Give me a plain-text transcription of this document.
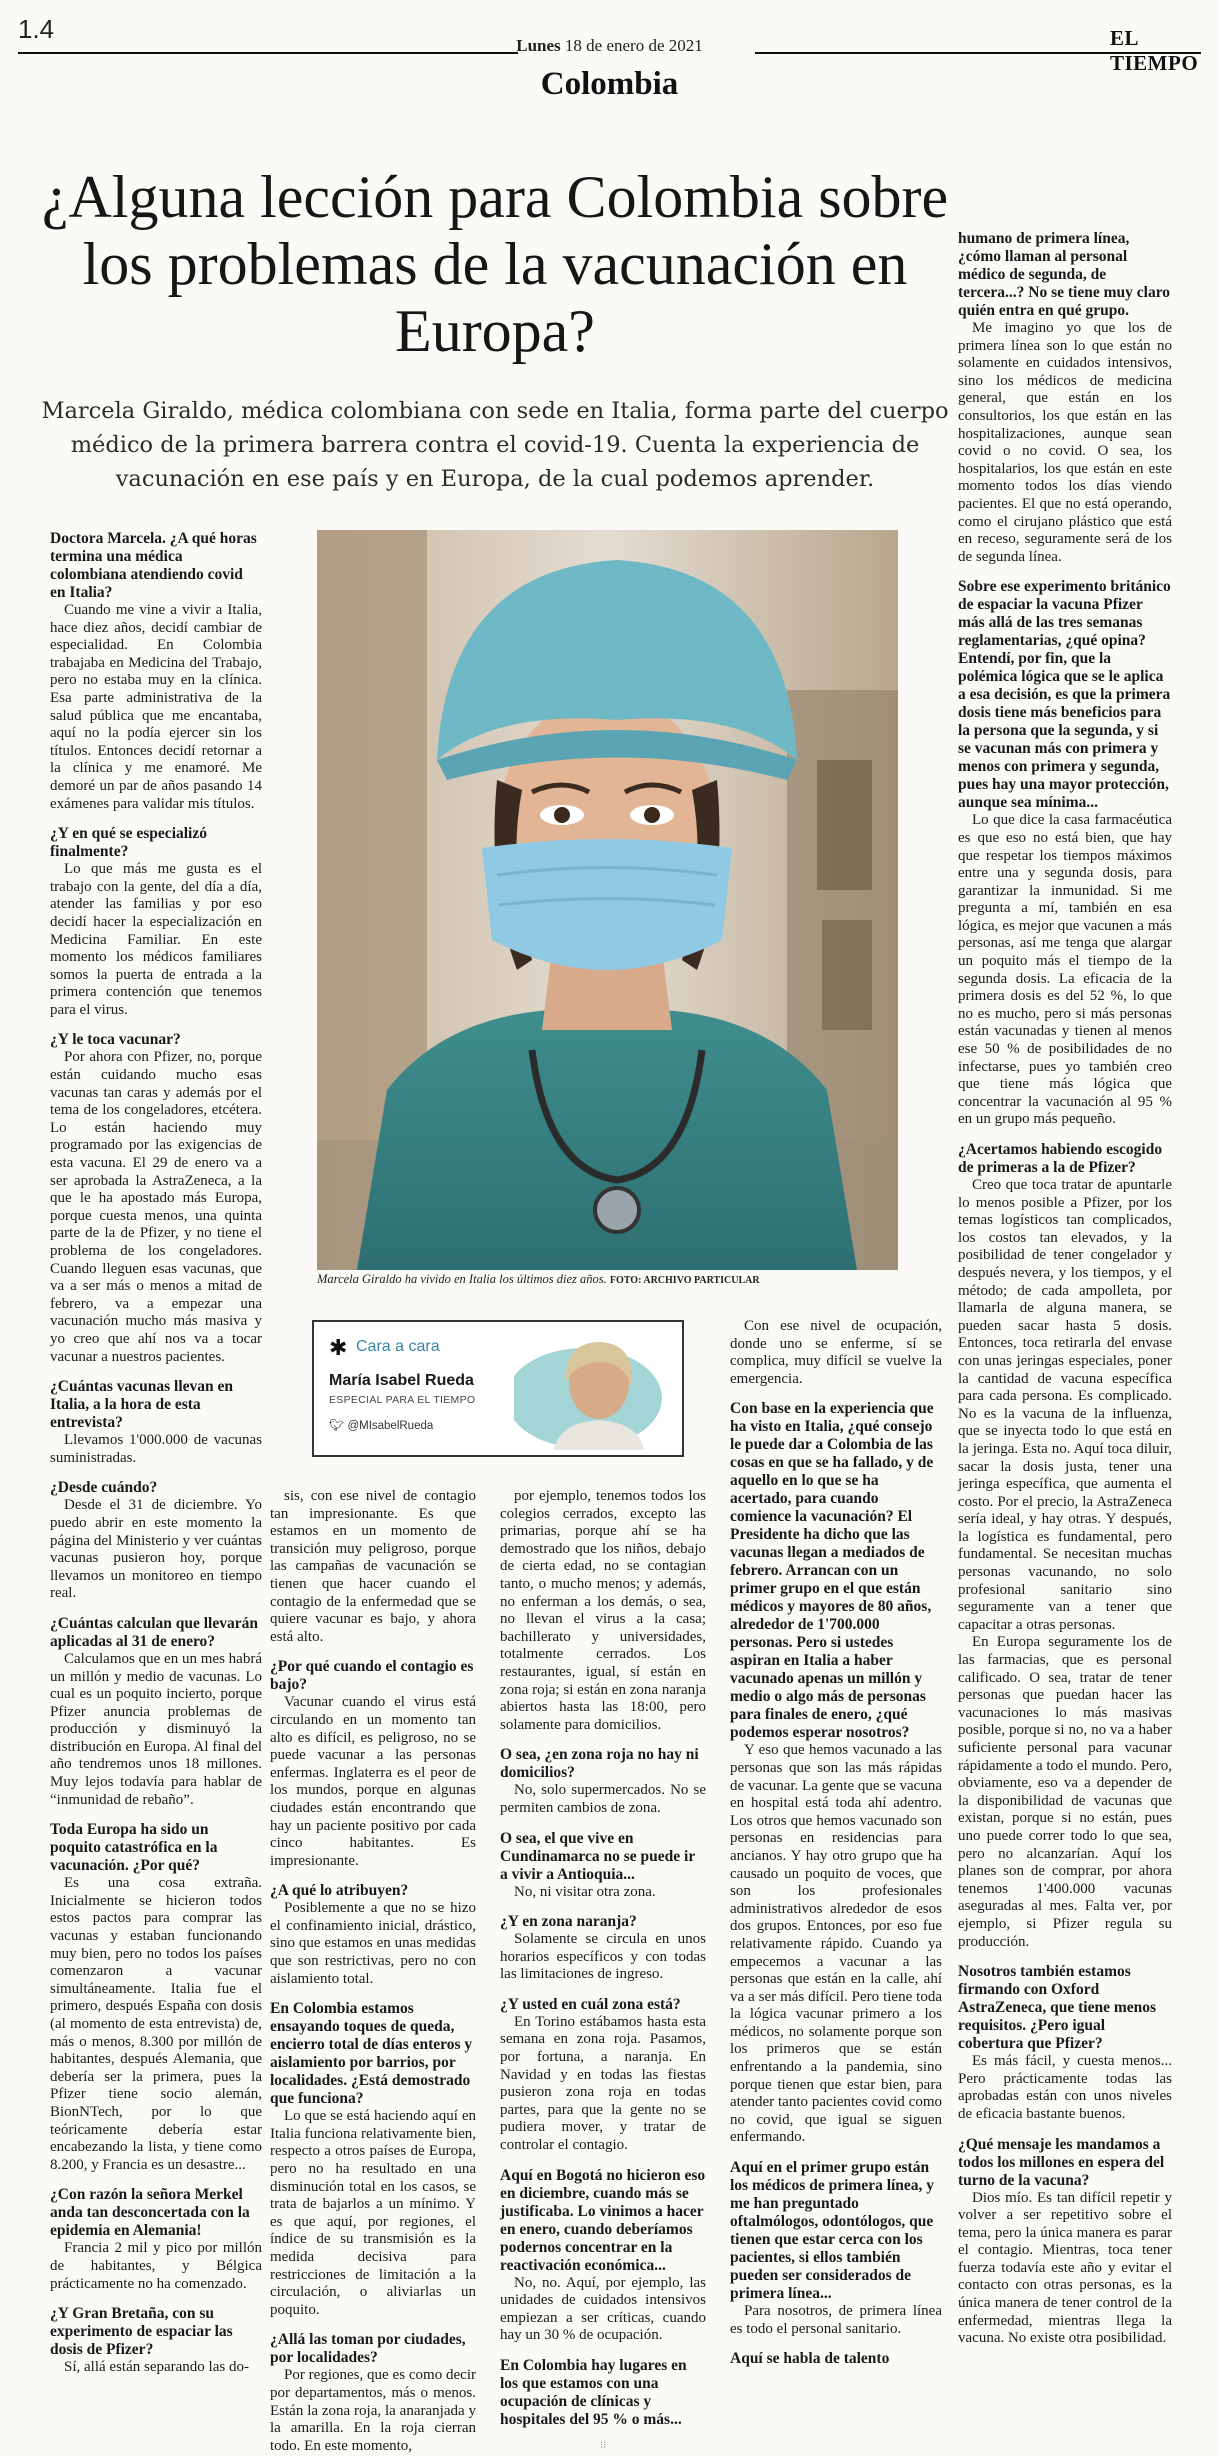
1.4
Lunes 18 de enero de 2021
Colombia
EL TIEMPO
¿Alguna lección para Colombia sobre los problemas de la vacunación en Europa?
Marcela Giraldo, médica colombiana con sede en Italia, forma parte del cuerpo médico de la primera barrera contra el covid-19. Cuenta la experiencia de vacunación en ese país y en Europa, de la cual podemos aprender.
Marcela Giraldo ha vivido en Italia los últimos diez años. FOTO: ARCHIVO PARTICULAR
✱ Cara a cara
María Isabel Rueda
ESPECIAL PARA EL TIEMPO
🐦︎ @MIsabelRueda

Doctora Marcela. ¿A qué horas termina una médica colombiana atendiendo covid en Italia?

Cuando me vine a vivir a Italia, hace diez años, decidí cambiar de especialidad. En Colombia trabajaba en Medicina del Trabajo, pero no estaba muy en la clínica. Esa parte administrativa de la salud pública que me encantaba, aquí no la podía ejercer sin los títulos. Entonces decidí retornar a la clínica y me enamoré. Me demoré un par de años pasando 14 exámenes para validar mis títulos.

¿Y en qué se especializó finalmente?

Lo que más me gusta es el trabajo con la gente, del día a día, atender las familias y por eso decidí hacer la especialización en Medicina Familiar. En este momento los médicos familiares somos la puerta de entrada a la primera contención que tenemos para el virus.

¿Y le toca vacunar?

Por ahora con Pfizer, no, porque están cuidando mucho esas vacunas tan caras y además por el tema de los congeladores, etcétera. Lo están haciendo muy programado por las exigencias de esta vacuna. El 29 de enero va a ser aprobada la AstraZeneca, a la que le ha apostado más Europa, porque cuesta menos, una quinta parte de la de Pfizer, y no tiene el problema de los congeladores. Cuando lleguen esas vacunas, que va a ser más o menos a mitad de febrero, va a empezar una vacunación mucho más masiva y yo creo que ahí nos va a tocar vacunar a nuestros pacientes.

¿Cuántas vacunas llevan en Italia, a la hora de esta entrevista?

Llevamos 1'000.000 de vacunas suministradas.

¿Desde cuándo?

Desde el 31 de diciembre. Yo puedo abrir en este momento la página del Ministerio y ver cuántas vacunas pusieron hoy, porque llevamos un monitoreo en tiempo real.

¿Cuántas calculan que llevarán aplicadas al 31 de enero?

Calculamos que en un mes habrá un millón y medio de vacunas. Lo cual es un poquito incierto, porque Pfizer anuncia problemas de producción y disminuyó la distribución en Europa. Al final del año tendremos unos 18 millones. Muy lejos todavía para hablar de “inmunidad de rebaño”.

Toda Europa ha sido un poquito catastrófica en la vacunación. ¿Por qué?

Es una cosa extraña. Inicialmente se hicieron todos estos pactos para comprar las vacunas y estaban funcionando muy bien, pero no todos los países comenzaron a vacunar simultáneamente. Italia fue el primero, después España con dosis (al momento de esta entrevista) de, más o menos, 8.300 por millón de habitantes, después Alemania, que debería ser la primera, pues la Pfizer tiene socio alemán, BionNTech, por lo que teóricamente debería estar encabezando la lista, y tiene como 8.200, y Francia es un desastre...

¿Con razón la señora Merkel anda tan desconcertada con la epidemia en Alemania!

Francia 2 mil y pico por millón de habitantes, y Bélgica prácticamente no ha comenzado.

¿Y Gran Bretaña, con su experimento de espaciar las dosis de Pfizer?

Sí, allá están separando las do-

sis, con ese nivel de contagio tan impresionante. Es que estamos en un momento de transición muy peligroso, porque las campañas de vacunación se tienen que hacer cuando el contagio de la enfermedad que se quiere vacunar es bajo, y ahora está alto.

¿Por qué cuando el contagio es bajo?

Vacunar cuando el virus está circulando en un momento tan alto es difícil, es peligroso, no se puede vacunar a las personas enfermas. Inglaterra es el peor de los mundos, porque en algunas ciudades están encontrando que hay un paciente positivo por cada cinco habitantes. Es impresionante.

¿A qué lo atribuyen?

Posiblemente a que no se hizo el confinamiento inicial, drástico, sino que estamos en unas medidas que son restrictivas, pero no con aislamiento total.

En Colombia estamos ensayando toques de queda, encierro total de días enteros y aislamiento por barrios, por localidades. ¿Está demostrado que funciona?

Lo que se está haciendo aquí en Italia funciona relativamente bien, respecto a otros países de Europa, pero no ha resultado en una disminución total en los casos, se trata de bajarlos a un mínimo. Y es que aquí, por regiones, el índice de su transmisión es la medida decisiva para restricciones de limitación a la circulación, o aliviarlas un poquito.

¿Allá las toman por ciudades, por localidades?

Por regiones, que es como decir por departamentos, más o menos. Están la zona roja, la anaranjada y la amarilla. En la roja cierran todo. En este momento,

por ejemplo, tenemos todos los colegios cerrados, excepto las primarias, porque ahí se ha demostrado que los niños, debajo de cierta edad, no se contagian tanto, o mucho menos; y además, no enferman a los demás, o sea, no llevan el virus a la casa; bachillerato y universidades, totalmente cerrados. Los restaurantes, igual, sí están en zona roja; si están en zona naranja abiertos hasta las 18:00, pero solamente para domicilios.

O sea, ¿en zona roja no hay ni domicilios?

No, solo supermercados. No se permiten cambios de zona.

O sea, el que vive en Cundinamarca no se puede ir a vivir a Antioquia...

No, ni visitar otra zona.

¿Y en zona naranja?

Solamente se circula en unos horarios específicos y con todas las limitaciones de ingreso.

¿Y usted en cuál zona está?

En Torino estábamos hasta esta semana en zona roja. Pasamos, por fortuna, a naranja. En Navidad y en todas las fiestas pusieron zona roja en todas partes, para que la gente no se pudiera mover, y tratar de controlar el contagio.

Aquí en Bogotá no hicieron eso en diciembre, cuando más se justificaba. Lo vinimos a hacer en enero, cuando deberíamos podernos concentrar en la reactivación económica...

No, no. Aquí, por ejemplo, las unidades de cuidados intensivos empiezan a ser críticas, cuando hay un 30 % de ocupación.

En Colombia hay lugares en los que estamos con una ocupación de clínicas y hospitales del 95 % o más...

Con ese nivel de ocupación, donde uno se enferme, sí se complica, muy difícil se vuelve la emergencia.

Con base en la experiencia que ha visto en Italia, ¿qué consejo le puede dar a Colombia de las cosas en que se ha fallado, y de aquello en lo que se ha acertado, para cuando comience la vacunación? El Presidente ha dicho que las vacunas llegan a mediados de febrero. Arrancan con un primer grupo en el que están médicos y mayores de 80 años, alrededor de 1'700.000 personas. Pero si ustedes aspiran en Italia a haber vacunado apenas un millón y medio o algo más de personas para finales de enero, ¿qué podemos esperar nosotros?

Y eso que hemos vacunado a las personas que son las más rápidas de vacunar. La gente que se vacuna en hospital está toda ahí adentro. Los otros que hemos vacunado son personas en residencias para ancianos. Y hay otro grupo que ha causado un poquito de voces, que son los profesionales administrativos alrededor de esos dos grupos. Entonces, por eso fue relativamente rápido. Cuando ya empecemos a vacunar a las personas que están en la calle, ahí va a ser más difícil. Pero tiene toda la lógica vacunar primero a los médicos, no solamente porque son los primeros que se están enfrentando a la pandemia, sino porque tienen que estar bien, para atender tanto pacientes covid como no covid, que igual se siguen enfermando.

Aquí en el primer grupo están los médicos de primera línea, y me han preguntado oftalmólogos, odontólogos, que tienen que estar cerca con los pacientes, si ellos también pueden ser considerados de primera línea...

Para nosotros, de primera línea es todo el personal sanitario.

Aquí se habla de talento

humano de primera línea, ¿cómo llaman al personal médico de segunda, de tercera...? No se tiene muy claro quién entra en qué grupo.

Me imagino yo que los de primera línea son lo que están no solamente en cuidados intensivos, sino los médicos de medicina general, que están en los consultorios, los que están en las hospitalizaciones, aunque sean covid o no covid. O sea, los hospitalarios, los que están en este momento todos los días viendo pacientes. El que no está operando, como el cirujano plástico que está en receso, seguramente será de los de segunda línea.

Sobre ese experimento británico de espaciar la vacuna Pfizer más allá de las tres semanas reglamentarias, ¿qué opina? Entendí, por fin, que la polémica lógica que se le aplica a esa decisión, es que la primera dosis tiene más beneficios para la persona que la segunda, y si se vacunan más con primera y menos con primera y segunda, pues hay una mayor protección, aunque sea mínima...

Lo que dice la casa farmacéutica es que eso no está bien, que hay que respetar los tiempos máximos entre una y segunda dosis, para garantizar la inmunidad. Si me pregunta a mí, también en esa lógica, es mejor que vacunen a más personas, así me tenga que alargar un poquito más el tiempo de la segunda dosis. La eficacia de la primera dosis es del 52 %, lo que no es mucho, pero si más personas están vacunadas y tienen al menos ese 50 % de posibilidades de no infectarse, pues yo también creo que tiene más lógica que concentrar la vacunación al 95 % en un grupo más pequeño.

¿Acertamos habiendo escogido de primeras a la de Pfizer?

Creo que toca tratar de apuntarle lo menos posible a Pfizer, por los temas logísticos tan complicados, los costos tan elevados, y la posibilidad de tener congelador y después nevera, y los tiempos, y el método; de cada ampolleta, por llamarla de alguna manera, se pueden sacar hasta 5 dosis. Entonces, toca retirarla del envase con unas jeringas especiales, poner la cantidad de vacuna específica para cada persona. Es complicado. No es la vacuna de la influenza, que se inyecta todo lo que está en la jeringa. Esta no. Aquí toca diluir, sacar la dosis justa, tener una jeringa específica, que aumenta el costo. Por el precio, la AstraZeneca sería ideal, y hay otras. Y después, la logística es fundamental, pero fundamental. Se necesitan muchas personas vacunando, no solo profesional sanitario sino seguramente van a tener que capacitar a otras personas.

En Europa seguramente los de las farmacias, que es personal calificado. O sea, tratar de tener personas que puedan hacer las vacunaciones lo más masivas posible, porque si no, no va a haber suficiente personal para vacunar rápidamente a todo el mundo. Pero, obviamente, eso va a depender de la disponibilidad de vacunas que existan, porque si no están, pues uno puede correr todo lo que sea, pero no alcanzarían. Aquí los planes son de comprar, por ahora tenemos 1'400.000 vacunas aseguradas al mes. Falta ver, por ejemplo, si Pfizer regula su producción.

Nosotros también estamos firmando con Oxford AstraZeneca, que tiene menos requisitos. ¿Pero igual cobertura que Pfizer?

Es más fácil, y cuesta menos... Pero prácticamente todas las aprobadas están con unos niveles de eficacia bastante buenos.

¿Qué mensaje les mandamos a todos los millones en espera del turno de la vacuna?

Dios mío. Es tan difícil repetir y volver a ser repetitivo sobre el tema, pero la única manera es parar el contagio. Mientras, toca tener fuerza todavía este año y evitar el contacto con otras personas, es la única manera de tener control de la enfermedad, mientras llega la vacuna. No existe otra posibilidad.

⁝⁝
